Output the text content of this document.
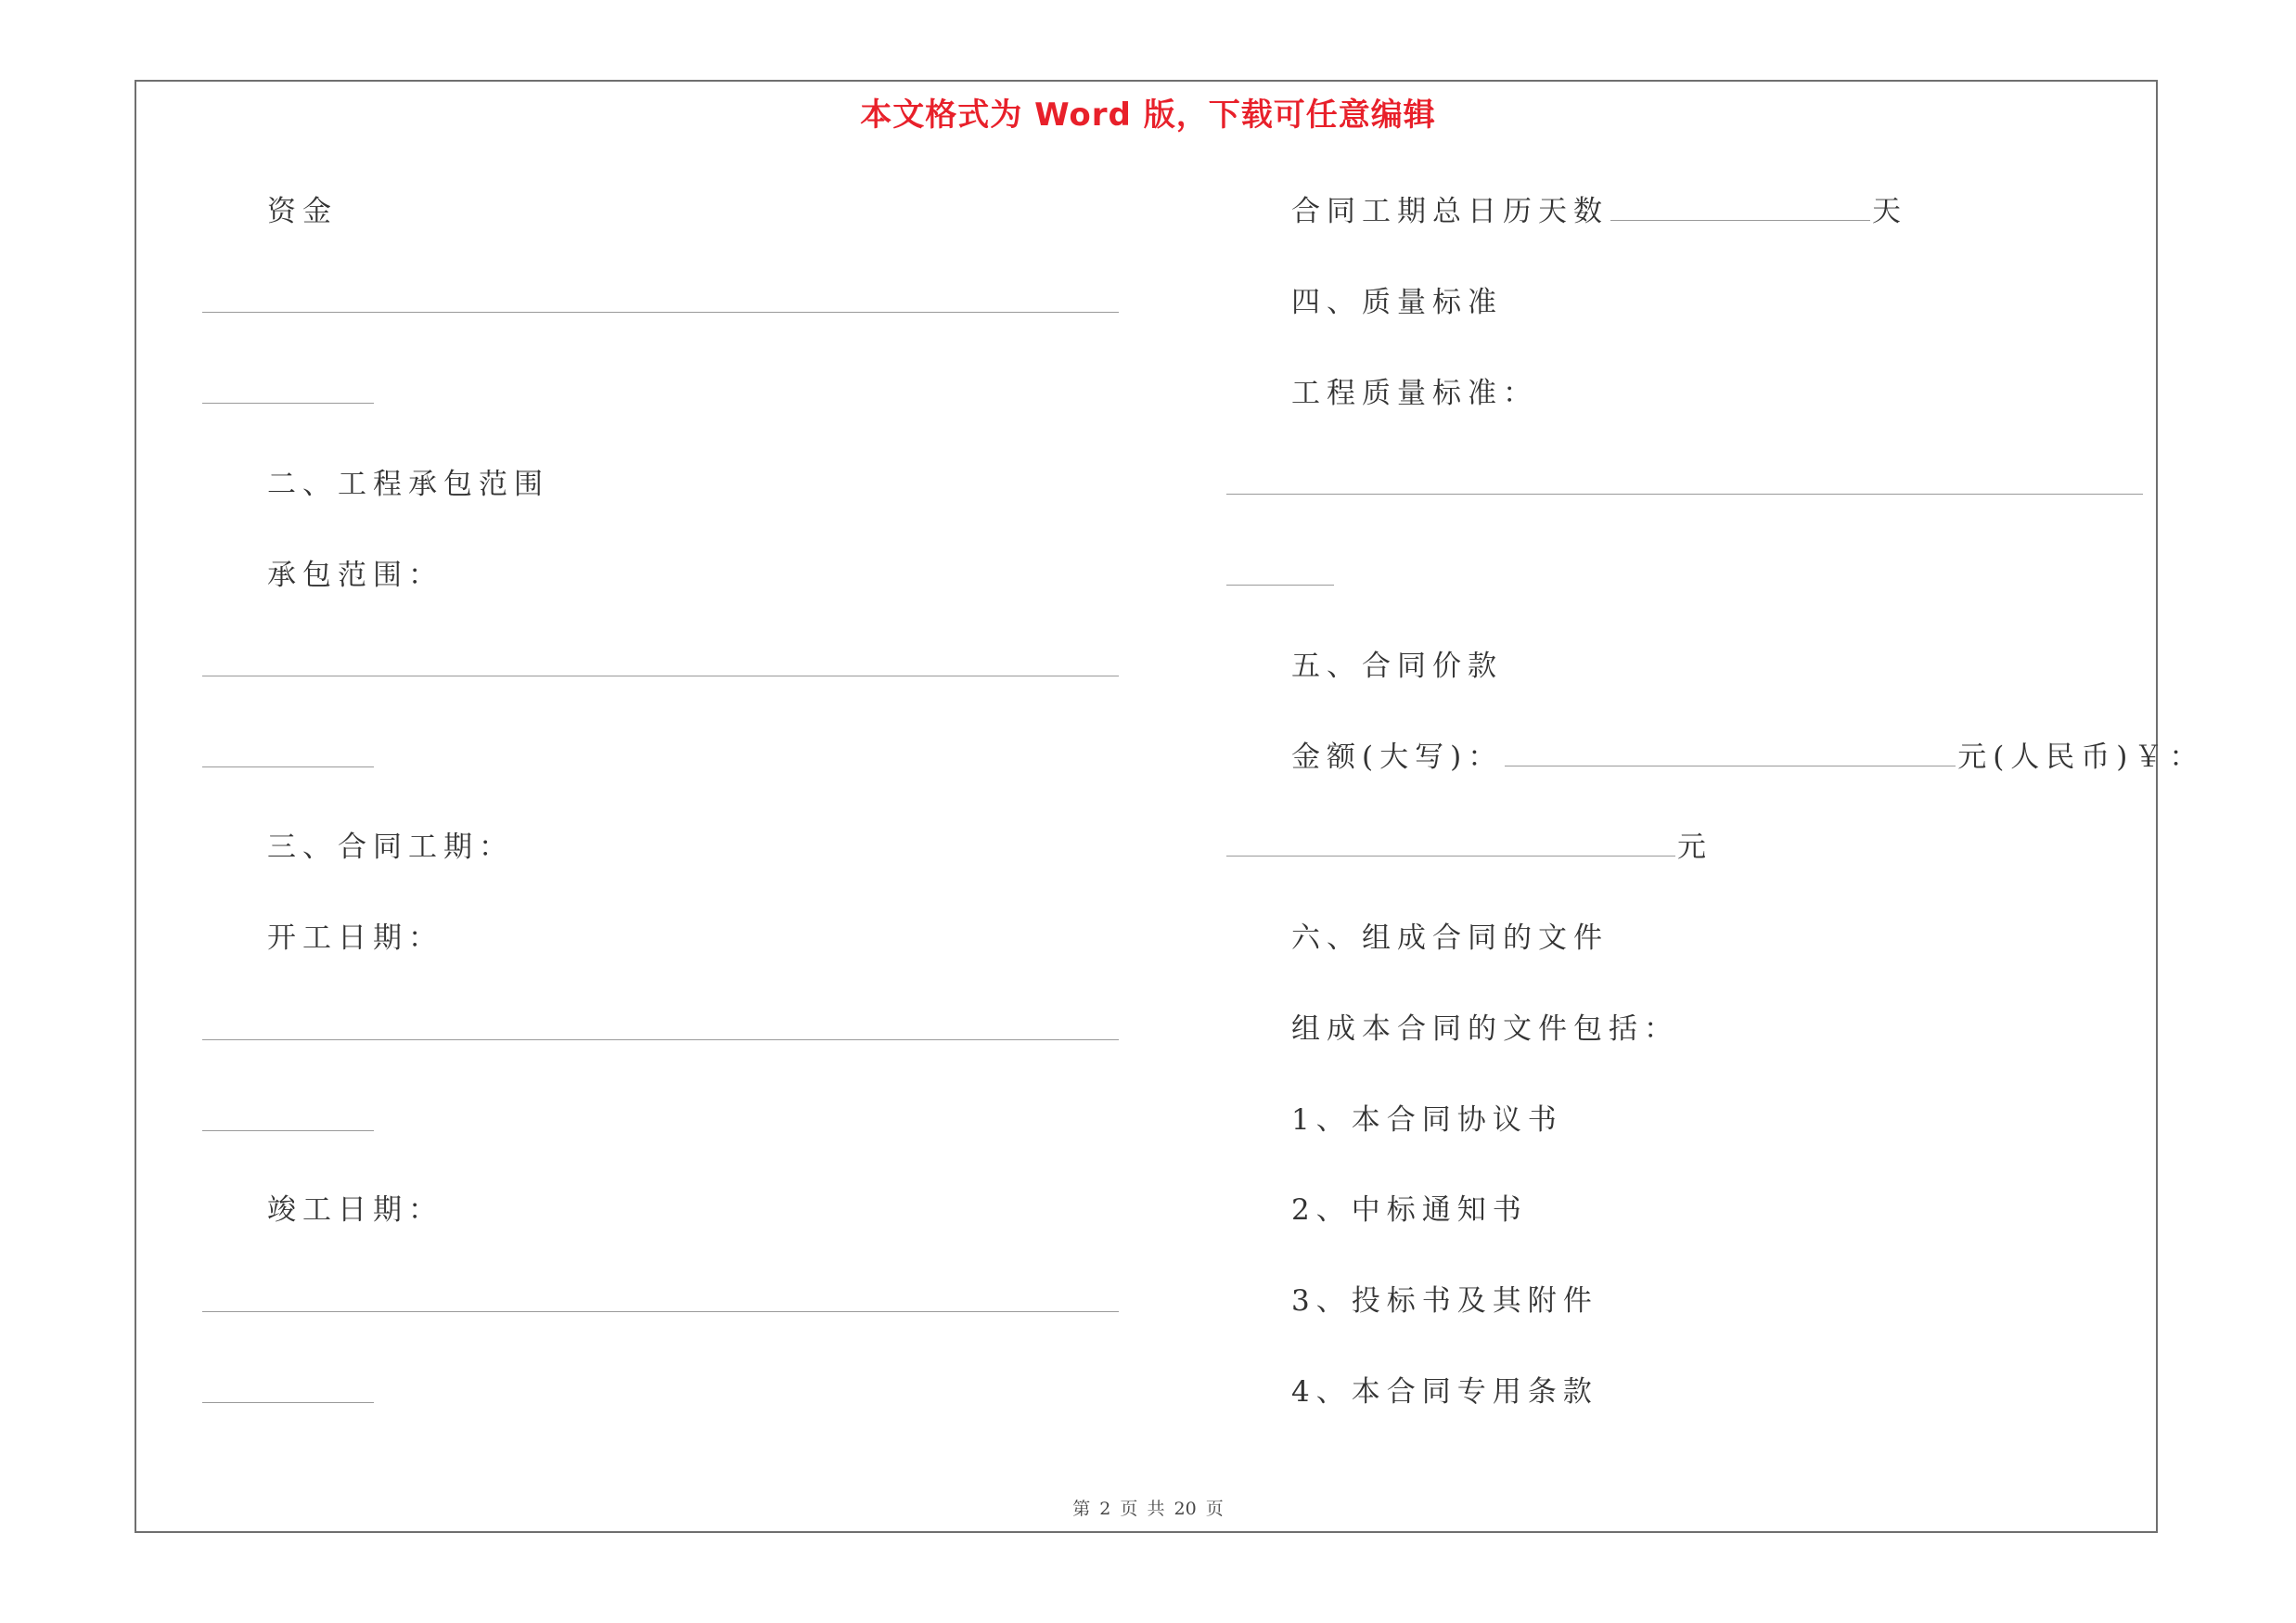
本文格式为 Word 版，下载可任意编辑
资金
二、工程承包范围
承包范围：
三、合同工期：
开工日期：
竣工日期：
合同工期总日历天数	天
四、质量标准
工程质量标准：
五、合同价款
金额(大写)：	元(人民币)￥：
元
六、组成合同的文件
组成本合同的文件包括：
1、本合同协议书
2、中标通知书
3、投标书及其附件
4、本合同专用条款
第 2 页 共 20 页
